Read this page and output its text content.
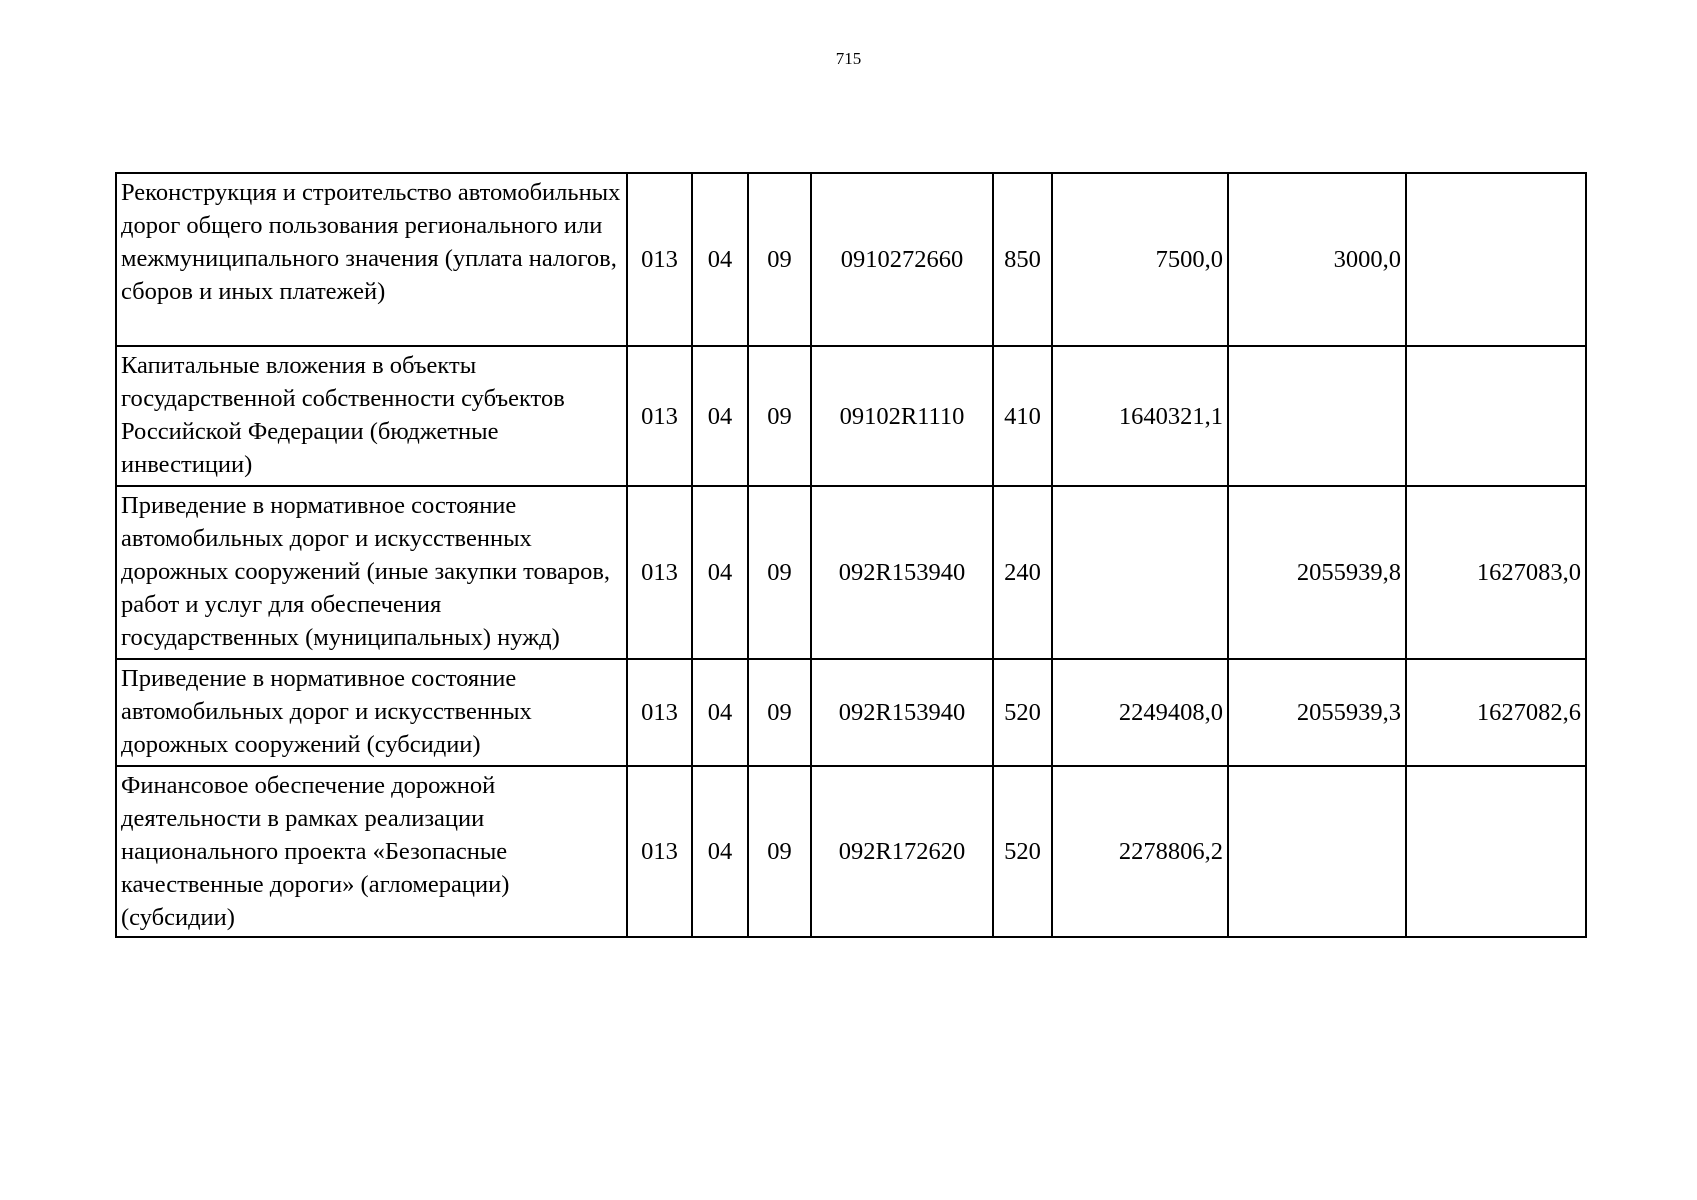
715
Реконструкция и строительство автомобильных дорог общего пользования регионального или межмуниципального значения (уплата налогов, сборов и иных платежей)	013	04	09	0910272660	850	7500,0	3000,0	
Капитальные вложения в объекты государственной собственности субъектов Российской Федерации (бюджетные инвестиции)	013	04	09	09102R1110	410	1640321,1		
Приведение в нормативное состояние автомобильных дорог и искусственных дорожных сооружений (иные закупки товаров, работ и услуг для обеспечения государственных (муниципальных) нужд)	013	04	09	092R153940	240		2055939,8	1627083,0
Приведение в нормативное состояние автомобильных дорог и искусственных дорожных сооружений (субсидии)	013	04	09	092R153940	520	2249408,0	2055939,3	1627082,6
Финансовое обеспечение дорожной деятельности в рамках реализации национального проекта «Безопасные качественные дороги» (агломерации) (субсидии)	013	04	09	092R172620	520	2278806,2		
